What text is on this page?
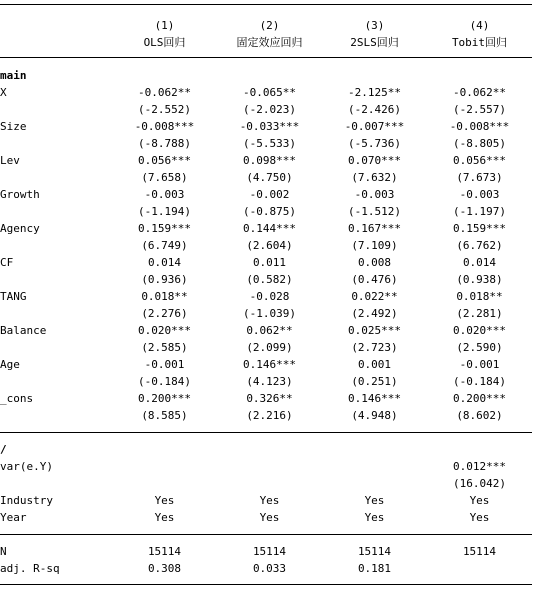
	(1)	(2)	(3)	(4)
	OLS回归	固定效应回归	2SLS回归	Tobit回归
main				
X	-0.062**	-0.065**	-2.125**	-0.062**
	(-2.552)	(-2.023)	(-2.426)	(-2.557)
Size	-0.008***	-0.033***	-0.007***	-0.008***
	(-8.788)	(-5.533)	(-5.736)	(-8.805)
Lev	0.056***	0.098***	0.070***	0.056***
	(7.658)	(4.750)	(7.632)	(7.673)
Growth	-0.003	-0.002	-0.003	-0.003
	(-1.194)	(-0.875)	(-1.512)	(-1.197)
Agency	0.159***	0.144***	0.167***	0.159***
	(6.749)	(2.604)	(7.109)	(6.762)
CF	0.014	0.011	0.008	0.014
	(0.936)	(0.582)	(0.476)	(0.938)
TANG	0.018**	-0.028	0.022**	0.018**
	(2.276)	(-1.039)	(2.492)	(2.281)
Balance	0.020***	0.062**	0.025***	0.020***
	(2.585)	(2.099)	(2.723)	(2.590)
Age	-0.001	0.146***	0.001	-0.001
	(-0.184)	(4.123)	(0.251)	(-0.184)
_cons	0.200***	0.326**	0.146***	0.200***
	(8.585)	(2.216)	(4.948)	(8.602)
/				
var(e.Y)				0.012***
				(16.042)
Industry	Yes	Yes	Yes	Yes
Year	Yes	Yes	Yes	Yes
N	15114	15114	15114	15114
adj. R-sq	0.308	0.033	0.181	
